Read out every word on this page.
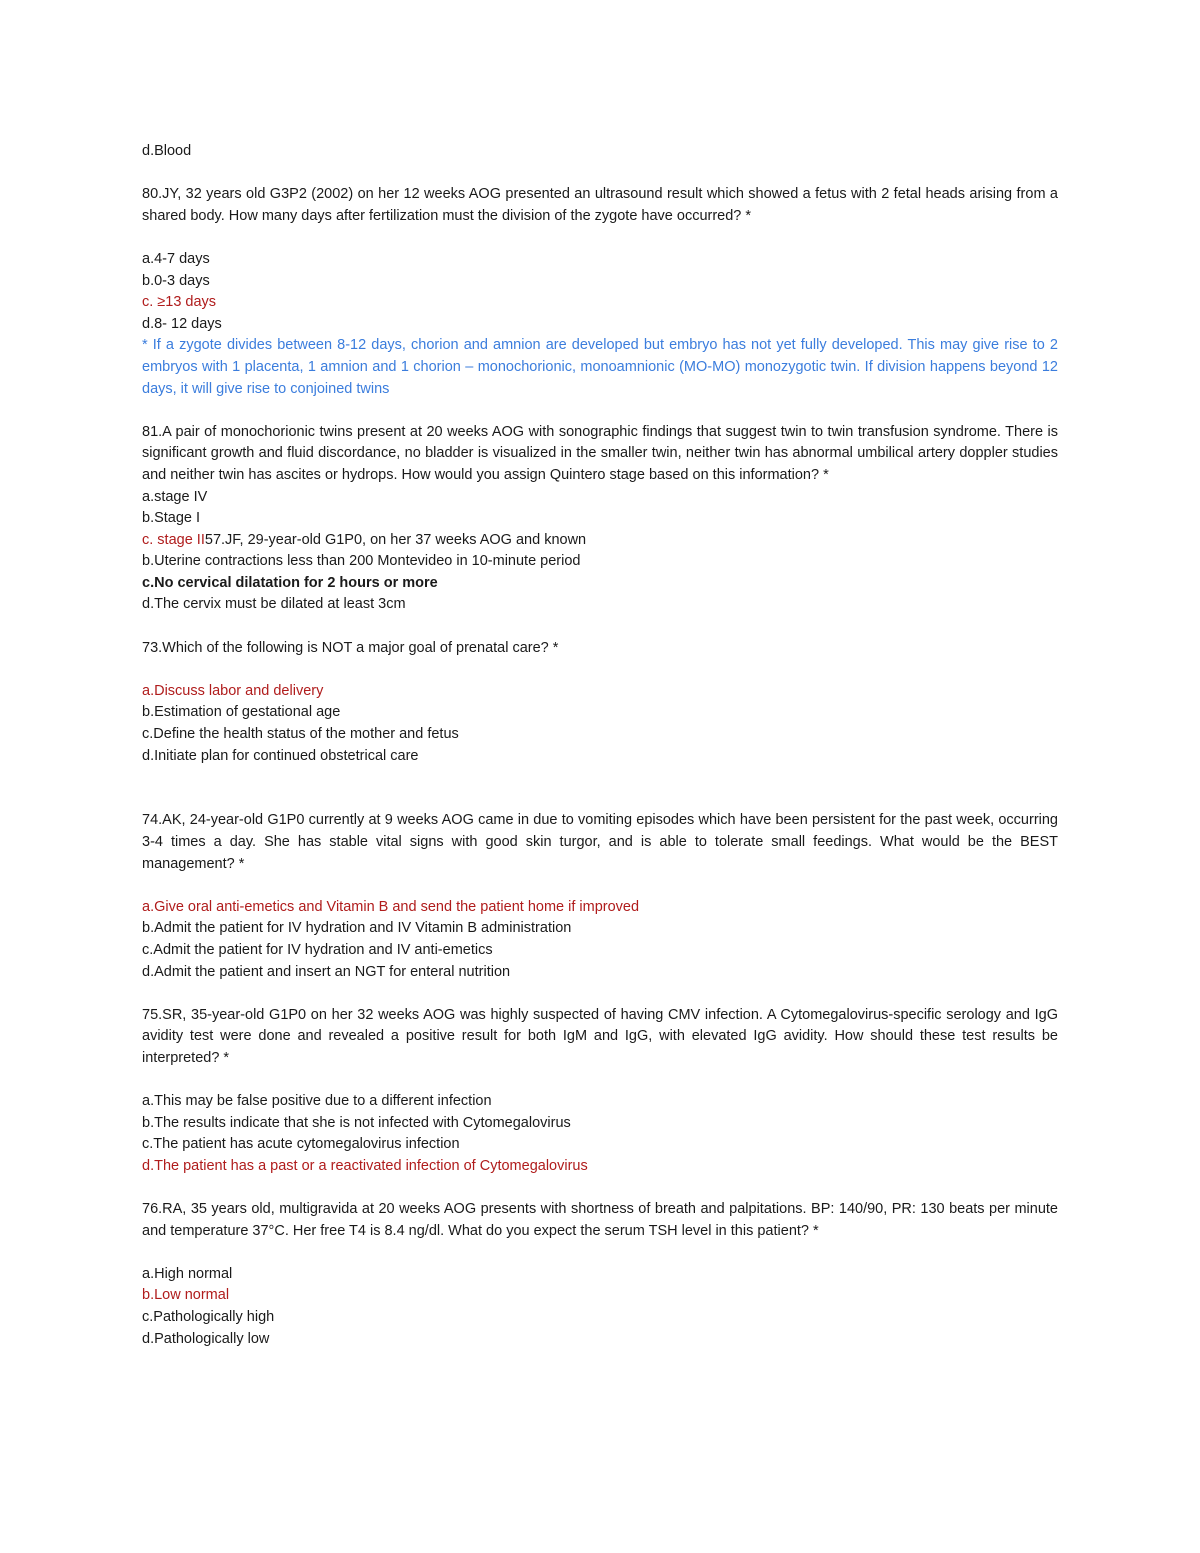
d.Blood

80.JY, 32 years old G3P2 (2002) on her 12 weeks AOG presented an ultrasound result which showed a fetus with 2 fetal heads arising from a shared body. How many days after fertilization must the division of the zygote have occurred? *

a.4-7 days

b.0-3 days

c. ≥13 days

d.8- 12 days

* If a zygote divides between 8-12 days, chorion and amnion are developed but embryo has not yet fully developed. This may give rise to 2 embryos with 1 placenta, 1 amnion and 1 chorion – monochorionic, monoamnionic (MO-MO) monozygotic twin. If division happens beyond 12 days, it will give rise to conjoined twins

81.A pair of monochorionic twins present at 20 weeks AOG with sonographic findings that suggest twin to twin transfusion syndrome. There is significant growth and fluid discordance, no bladder is visualized in the smaller twin, neither twin has abnormal umbilical artery doppler studies and neither twin has ascites or hydrops. How would you assign Quintero stage based on this information? *

a.stage IV

b.Stage I

c. stage II57.JF, 29-year-old G1P0, on her 37 weeks AOG and known

b.Uterine contractions less than 200 Montevideo in 10-minute period

c.No cervical dilatation for 2 hours or more

d.The cervix must be dilated at least 3cm

73.Which of the following is NOT a major goal of prenatal care? *

a.Discuss labor and delivery

b.Estimation of gestational age

c.Define the health status of the mother and fetus

d.Initiate plan for continued obstetrical care

74.AK, 24-year-old G1P0 currently at 9 weeks AOG came in due to vomiting episodes which have been persistent for the past week, occurring 3-4 times a day. She has stable vital signs with good skin turgor, and is able to tolerate small feedings. What would be the BEST management? *

a.Give oral anti-emetics and Vitamin B and send the patient home if improved

b.Admit the patient for IV hydration and IV Vitamin B administration

c.Admit the patient for IV hydration and IV anti-emetics

d.Admit the patient and insert an NGT for enteral nutrition

75.SR, 35-year-old G1P0 on her 32 weeks AOG was highly suspected of having CMV infection. A Cytomegalovirus-specific serology and IgG avidity test were done and revealed a positive result for both IgM and IgG, with elevated IgG avidity. How should these test results be interpreted? *

a.This may be false positive due to a different infection

b.The results indicate that she is not infected with Cytomegalovirus

c.The patient has acute cytomegalovirus infection

d.The patient has a past or a reactivated infection of Cytomegalovirus

76.RA, 35 years old, multigravida at 20 weeks AOG presents with shortness of breath and palpitations. BP: 140/90, PR: 130 beats per minute and temperature 37°C. Her free T4 is 8.4 ng/dl. What do you expect the serum TSH level in this patient? *

a.High normal

b.Low normal

c.Pathologically high

d.Pathologically low
